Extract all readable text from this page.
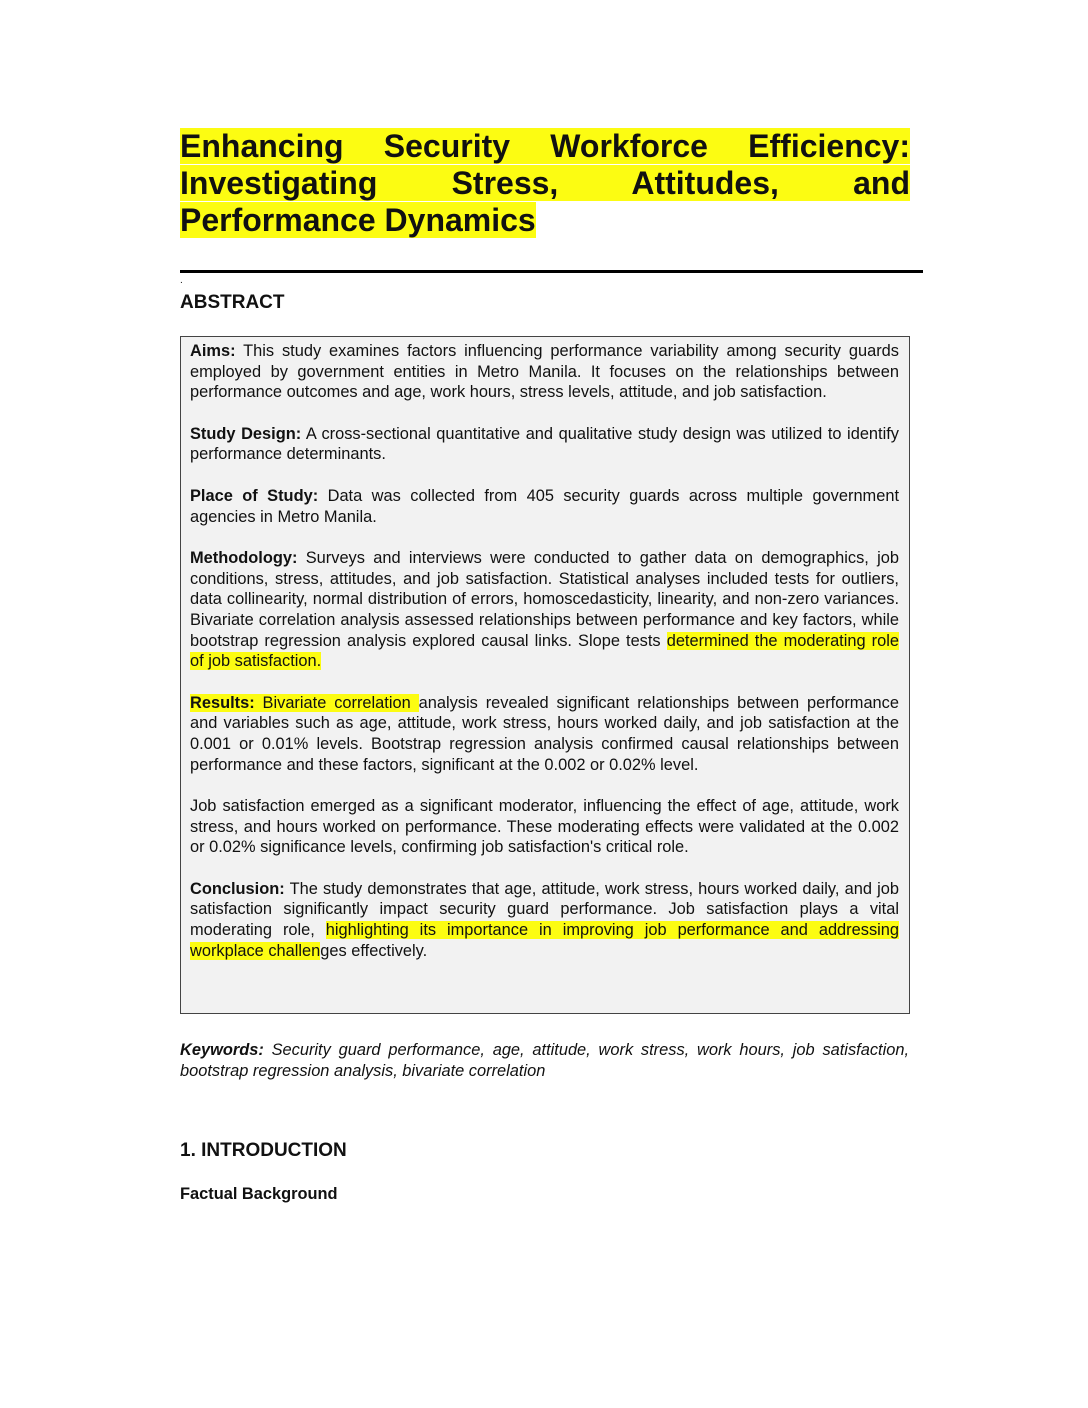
Enhancing Security Workforce Efficiency: Investigating Stress, Attitudes, and Performance Dynamics
.
ABSTRACT

Aims: This study examines factors influencing performance variability among security guards employed by government entities in Metro Manila. It focuses on the relationships between performance outcomes and age, work hours, stress levels, attitude, and job satisfaction.

Study Design: A cross-sectional quantitative and qualitative study design was utilized to identify performance determinants.

Place of Study: Data was collected from 405 security guards across multiple government agencies in Metro Manila.

Methodology: Surveys and interviews were conducted to gather data on demographics, job conditions, stress, attitudes, and job satisfaction. Statistical analyses included tests for outliers, data collinearity, normal distribution of errors, homoscedasticity, linearity, and non-zero variances. Bivariate correlation analysis assessed relationships between performance and key factors, while bootstrap regression analysis explored causal links. Slope tests determined the moderating role of job satisfaction.

Results: Bivariate correlation analysis revealed significant relationships between performance and variables such as age, attitude, work stress, hours worked daily, and job satisfaction at the 0.001 or 0.01% levels. Bootstrap regression analysis confirmed causal relationships between performance and these factors, significant at the 0.002 or 0.02% level.

Job satisfaction emerged as a significant moderator, influencing the effect of age, attitude, work stress, and hours worked on performance. These moderating effects were validated at the 0.002 or 0.02% significance levels, confirming job satisfaction's critical role.

Conclusion: The study demonstrates that age, attitude, work stress, hours worked daily, and job satisfaction significantly impact security guard performance. Job satisfaction plays a vital moderating role, highlighting its importance in improving job performance and addressing workplace challenges effectively.

Keywords: Security guard performance, age, attitude, work stress, work hours, job satisfaction, bootstrap regression analysis, bivariate correlation

1. INTRODUCTION
Factual Background
